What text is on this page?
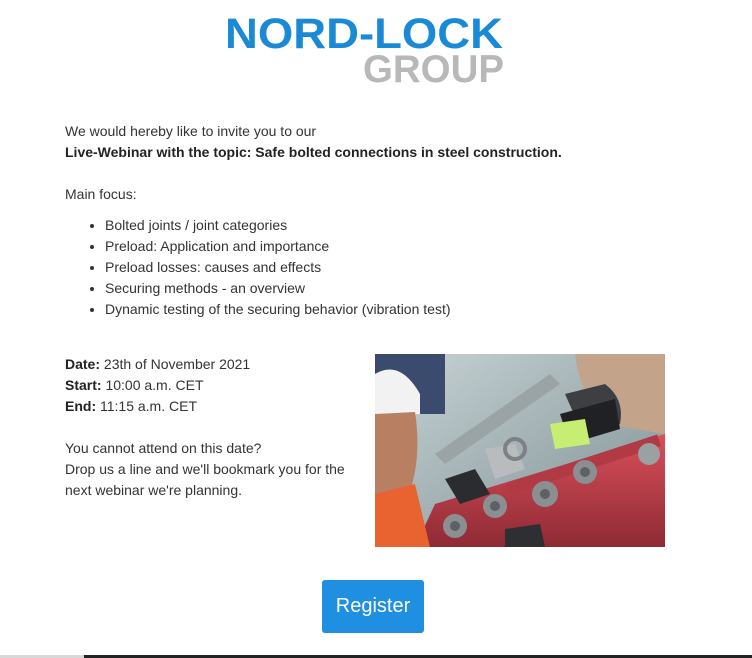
NORD-LOCK
GROUP

We would hereby like to invite you to our

Live-Webinar with the topic: Safe bolted connections in steel construction.

Main focus:

• Bolted joints / joint categories
• Preload: Application and importance
• Preload losses: causes and effects
• Securing methods - an overview
• Dynamic testing of the securing behavior (vibration test)

Date: 23th of November 2021

Start: 10:00 a.m. CET

End: 11:15 a.m. CET

You cannot attend on this date?

Drop us a line and we'll bookmark you for the next webinar we're planning.

Register
